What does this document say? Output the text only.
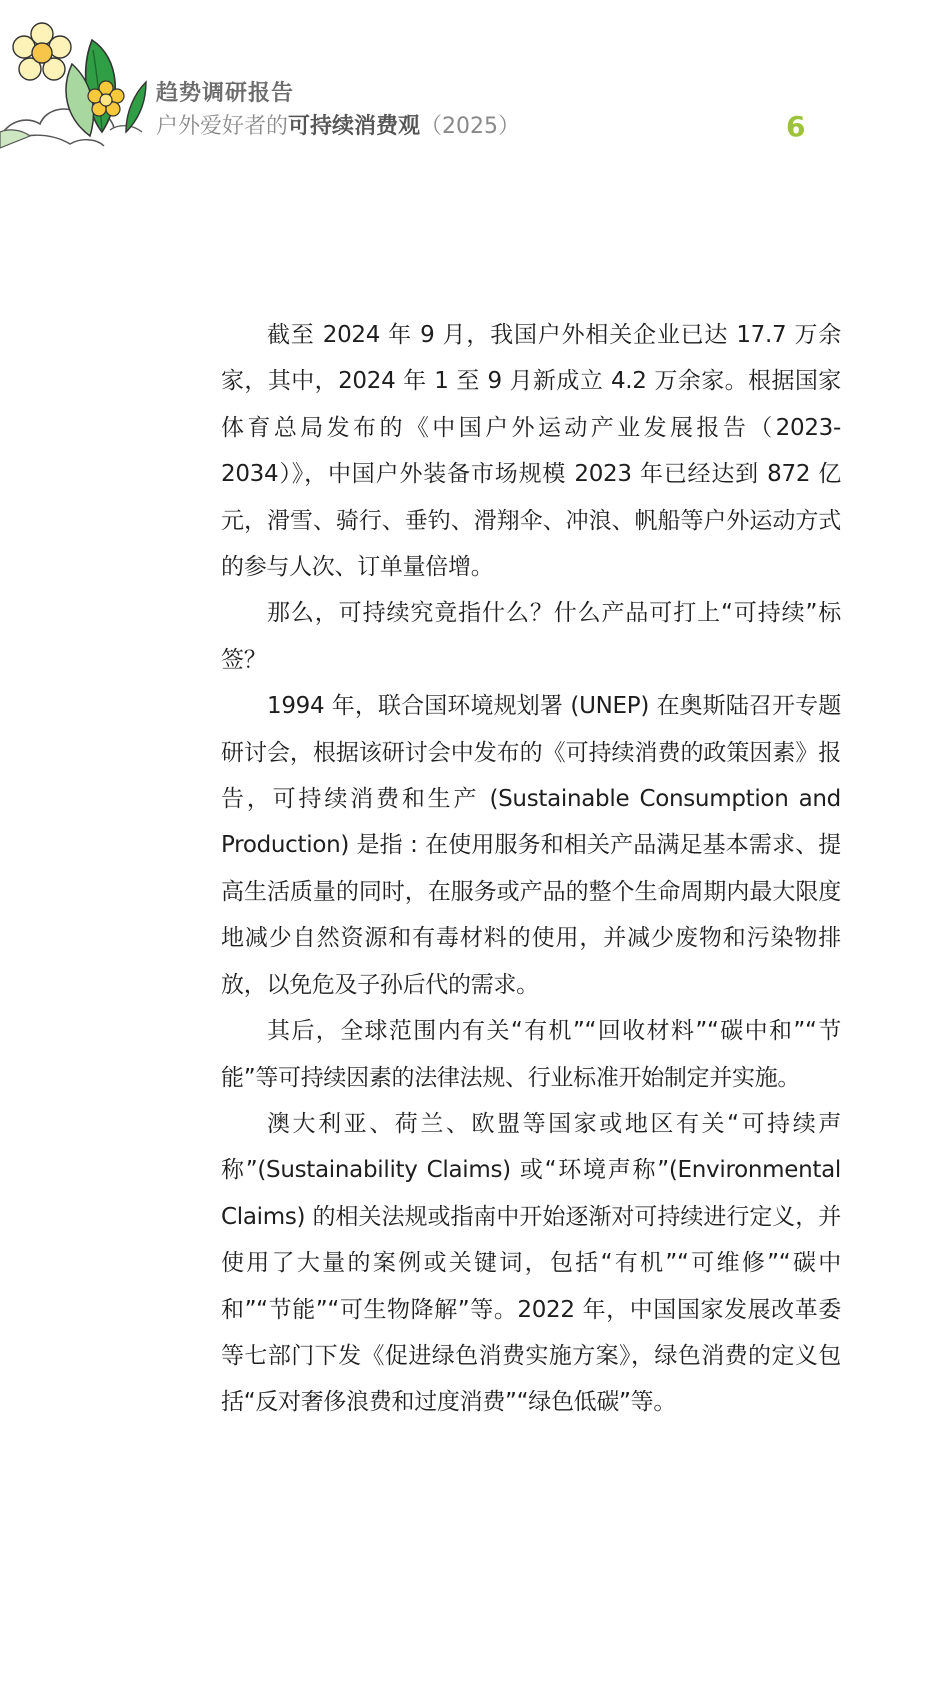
趋势调研报告
户外爱好者的可持续消费观（2025）	6

截至 2024 年 9 月，我国户外相关企业已达 17.7 万余家，其中，2024 年 1 至 9 月新成立 4.2 万余家。根据国家体育总局发布的《中国户外运动产业发展报告（2023-2034）》，中国户外装备市场规模 2023 年已经达到 872 亿元，滑雪、骑行、垂钓、滑翔伞、冲浪、帆船等户外运动方式的参与人次、订单量倍增。

那么，可持续究竟指什么？什么产品可打上“可持续”标签？

1994 年，联合国环境规划署 (UNEP) 在奥斯陆召开专题研讨会，根据该研讨会中发布的《可持续消费的政策因素》报告，可持续消费和生产 (Sustainable Consumption and Production) 是指 : 在使用服务和相关产品满足基本需求、提高生活质量的同时，在服务或产品的整个生命周期内最大限度地减少自然资源和有毒材料的使用，并减少废物和污染物排放，以免危及子孙后代的需求。

其后，全球范围内有关“有机”“回收材料”“碳中和”“节能”等可持续因素的法律法规、行业标准开始制定并实施。

澳大利亚、荷兰、欧盟等国家或地区有关“可持续声称”(Sustainability Claims) 或“环境声称”(Environmental Claims) 的相关法规或指南中开始逐渐对可持续进行定义，并使用了大量的案例或关键词，包括“有机”“可维修”“碳中和”“节能”“可生物降解”等。2022 年，中国国家发展改革委等七部门下发《促进绿色消费实施方案》，绿色消费的定义包括“反对奢侈浪费和过度消费”“绿色低碳”等。
